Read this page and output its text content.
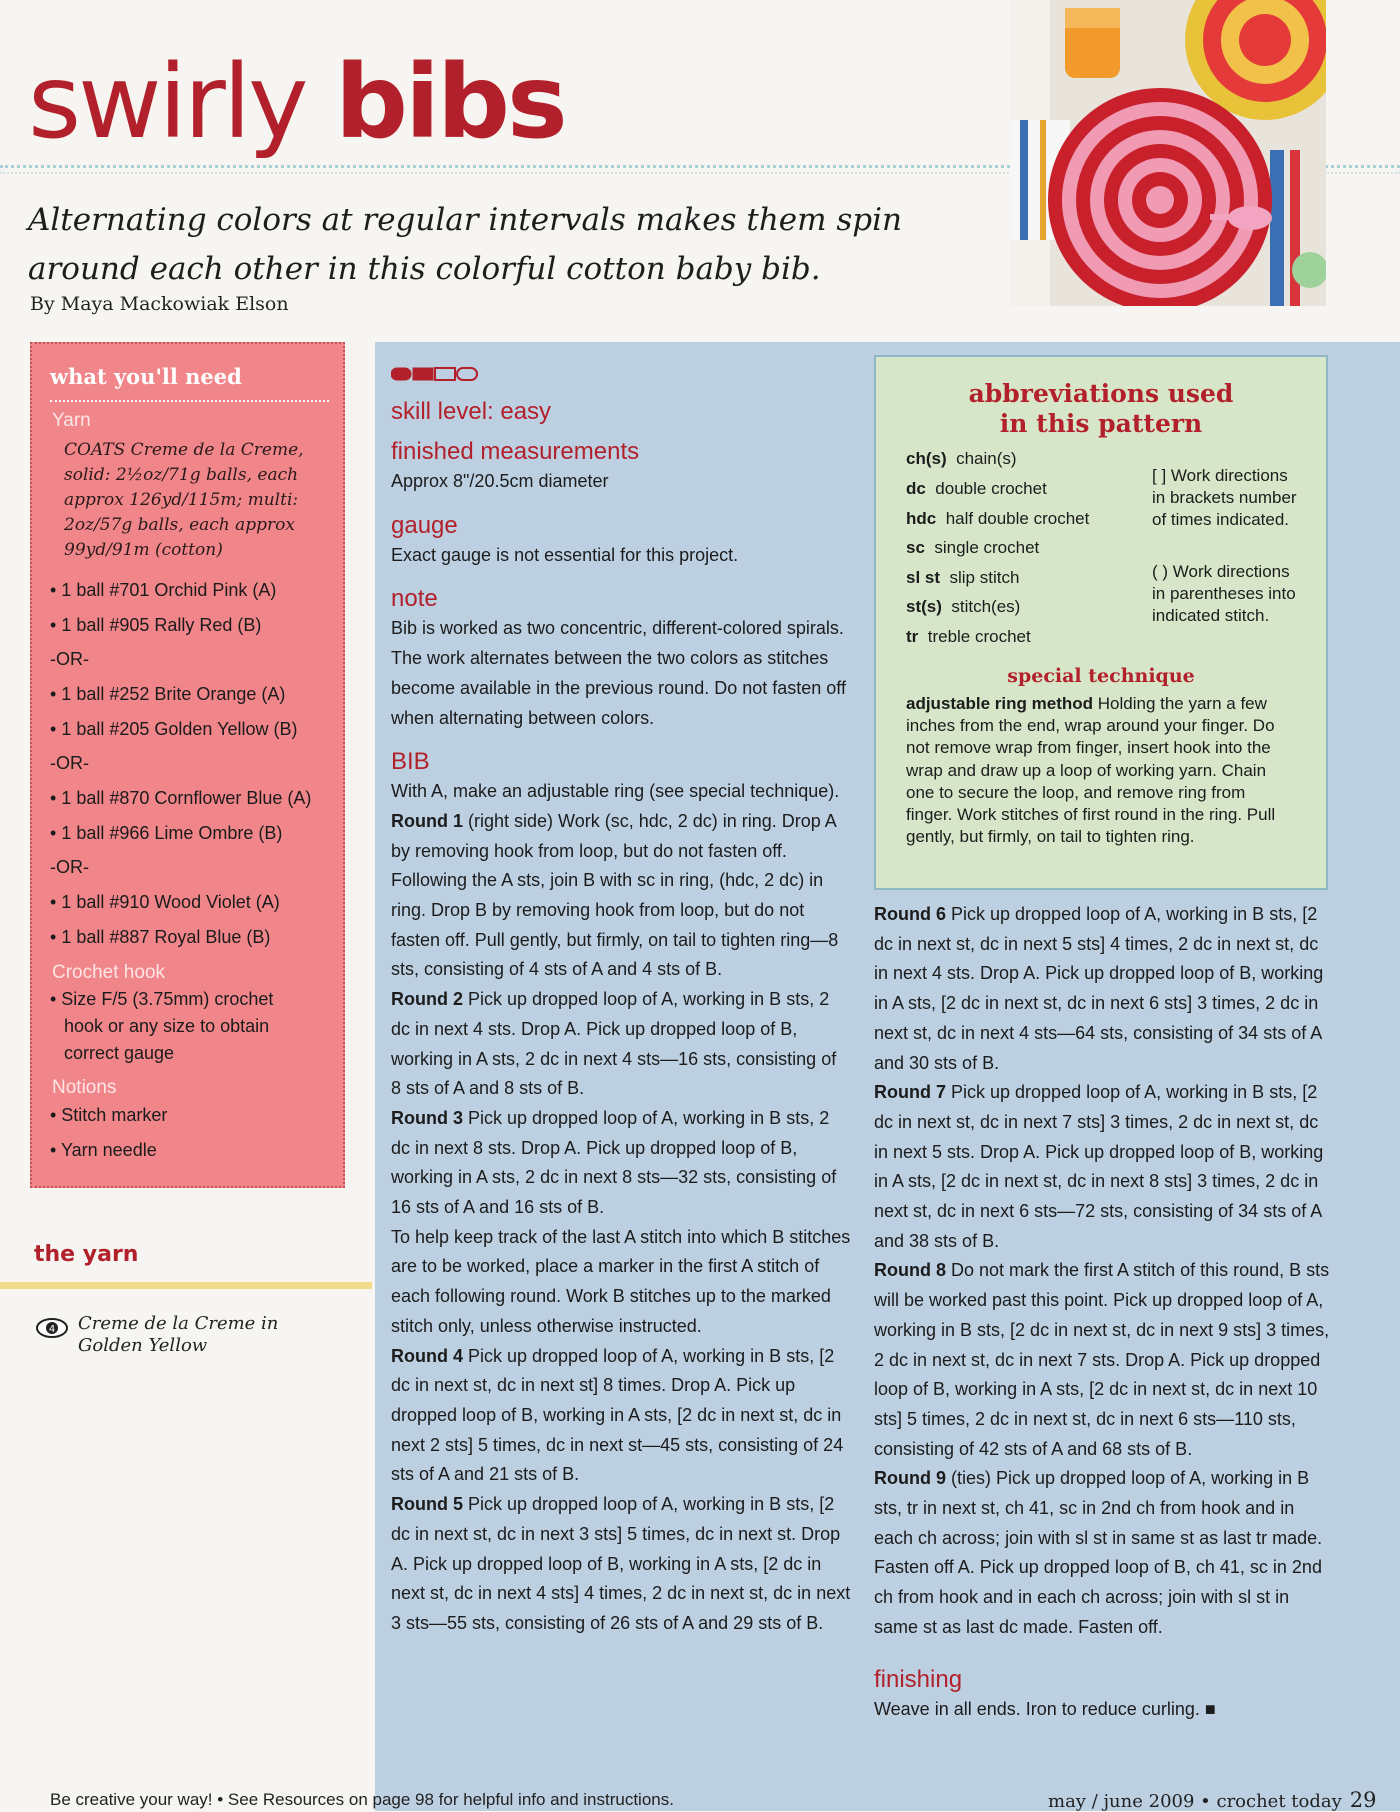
swirly bibs
Alternating colors at regular intervals makes them spin around each other in this colorful cotton baby bib.
By Maya Mackowiak Elson
what you'll need
Yarn
COATS Creme de la Creme, solid: 2½oz/71g balls, each approx 126yd/115m; multi: 2oz/57g balls, each approx 99yd/91m (cotton)
• 1 ball #701 Orchid Pink (A)
• 1 ball #905 Rally Red (B)
-OR-
• 1 ball #252 Brite Orange (A)
• 1 ball #205 Golden Yellow (B)
-OR-
• 1 ball #870 Cornflower Blue (A)
• 1 ball #966 Lime Ombre (B)
-OR-
• 1 ball #910 Wood Violet (A)
• 1 ball #887 Royal Blue (B)
Crochet hook
• Size F/5 (3.75mm) crochet
hook or any size to obtain
correct gauge
Notions
• Stitch marker
• Yarn needle
the yarn
4 Creme de la Creme in Golden Yellow
skill level: easy
finished measurements

Approx 8"/20.5cm diameter

gauge

Exact gauge is not essential for this project.

note

Bib is worked as two concentric, different-colored spirals. The work alternates between the two colors as stitches become available in the previous round. Do not fasten off when alternating between colors.

BIB

With A, make an adjustable ring (see special technique).

Round 1 (right side) Work (sc, hdc, 2 dc) in ring. Drop A by removing hook from loop, but do not fasten off. Following the A sts, join B with sc in ring, (hdc, 2 dc) in ring. Drop B by removing hook from loop, but do not fasten off. Pull gently, but firmly, on tail to tighten ring—8 sts, consisting of 4 sts of A and 4 sts of B.

Round 2 Pick up dropped loop of A, working in B sts, 2 dc in next 4 sts. Drop A. Pick up dropped loop of B, working in A sts, 2 dc in next 4 sts—16 sts, consisting of 8 sts of A and 8 sts of B.

Round 3 Pick up dropped loop of A, working in B sts, 2 dc in next 8 sts. Drop A. Pick up dropped loop of B, working in A sts, 2 dc in next 8 sts—32 sts, consisting of 16 sts of A and 16 sts of B.

To help keep track of the last A stitch into which B stitches are to be worked, place a marker in the first A stitch of each following round. Work B stitches up to the marked stitch only, unless otherwise instructed.

Round 4 Pick up dropped loop of A, working in B sts, [2 dc in next st, dc in next st] 8 times. Drop A. Pick up dropped loop of B, working in A sts, [2 dc in next st, dc in next 2 sts] 5 times, dc in next st—45 sts, consisting of 24 sts of A and 21 sts of B.

Round 5 Pick up dropped loop of A, working in B sts, [2 dc in next st, dc in next 3 sts] 5 times, dc in next st. Drop A. Pick up dropped loop of B, working in A sts, [2 dc in next st, dc in next 4 sts] 4 times, 2 dc in next st, dc in next 3 sts—55 sts, consisting of 26 sts of A and 29 sts of B.

abbreviations used
in this pattern
ch(s) chain(s)
dc double crochet
hdc half double crochet
sc single crochet
sl st slip stitch
st(s) stitch(es)
tr treble crochet
[ ] Work directions in brackets number of times indicated.
( ) Work directions in parentheses into indicated stitch.
special technique
adjustable ring method Holding the yarn a few inches from the end, wrap around your finger. Do not remove wrap from finger, insert hook into the wrap and draw up a loop of working yarn. Chain one to secure the loop, and remove ring from finger. Work stitches of first round in the ring. Pull gently, but firmly, on tail to tighten ring.

Round 6 Pick up dropped loop of A, working in B sts, [2 dc in next st, dc in next 5 sts] 4 times, 2 dc in next st, dc in next 4 sts. Drop A. Pick up dropped loop of B, working in A sts, [2 dc in next st, dc in next 6 sts] 3 times, 2 dc in next st, dc in next 4 sts—64 sts, consisting of 34 sts of A and 30 sts of B.

Round 7 Pick up dropped loop of A, working in B sts, [2 dc in next st, dc in next 7 sts] 3 times, 2 dc in next st, dc in next 5 sts. Drop A. Pick up dropped loop of B, working in A sts, [2 dc in next st, dc in next 8 sts] 3 times, 2 dc in next st, dc in next 6 sts—72 sts, consisting of 34 sts of A and 38 sts of B.

Round 8 Do not mark the first A stitch of this round, B sts will be worked past this point. Pick up dropped loop of A, working in B sts, [2 dc in next st, dc in next 9 sts] 3 times, 2 dc in next st, dc in next 7 sts. Drop A. Pick up dropped loop of B, working in A sts, [2 dc in next st, dc in next 10 sts] 5 times, 2 dc in next st, dc in next 6 sts—110 sts, consisting of 42 sts of A and 68 sts of B.

Round 9 (ties) Pick up dropped loop of A, working in B sts, tr in next st, ch 41, sc in 2nd ch from hook and in each ch across; join with sl st in same st as last tr made. Fasten off A. Pick up dropped loop of B, ch 41, sc in 2nd ch from hook and in each ch across; join with sl st in same st as last dc made. Fasten off.

finishing

Weave in all ends. Iron to reduce curling. ■

Be creative your way! • See Resources on page 98 for helpful info and instructions.	may / june 2009 • crochet today 29
